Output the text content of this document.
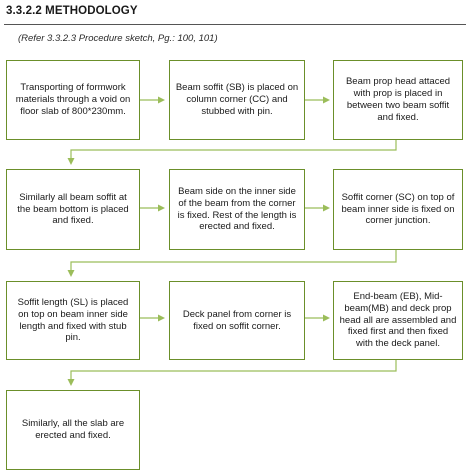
3.3.2.2 METHODOLOGY
(Refer 3.3.2.3 Procedure sketch, Pg.: 100, 101)
Transporting of formwork materials through a void on floor slab of 800*230mm.
Beam soffit (SB) is placed on column corner (CC) and stubbed with pin.
Beam prop head attaced with prop is placed in between two beam soffit and fixed.
Similarly all beam soffit at the beam bottom is placed and fixed.
Beam side on the inner side of the beam from the corner is fixed. Rest of the length is erected and fixed.
Soffit corner (SC) on top of beam inner side is fixed on corner junction.
Soffit length (SL) is placed on top on beam inner side length and fixed with stub pin.
Deck panel from corner is fixed on soffit corner.
End-beam (EB), Mid-beam(MB) and deck prop head all are assembled and fixed first and then fixed with the deck panel.
Similarly, all the slab are erected and fixed.
